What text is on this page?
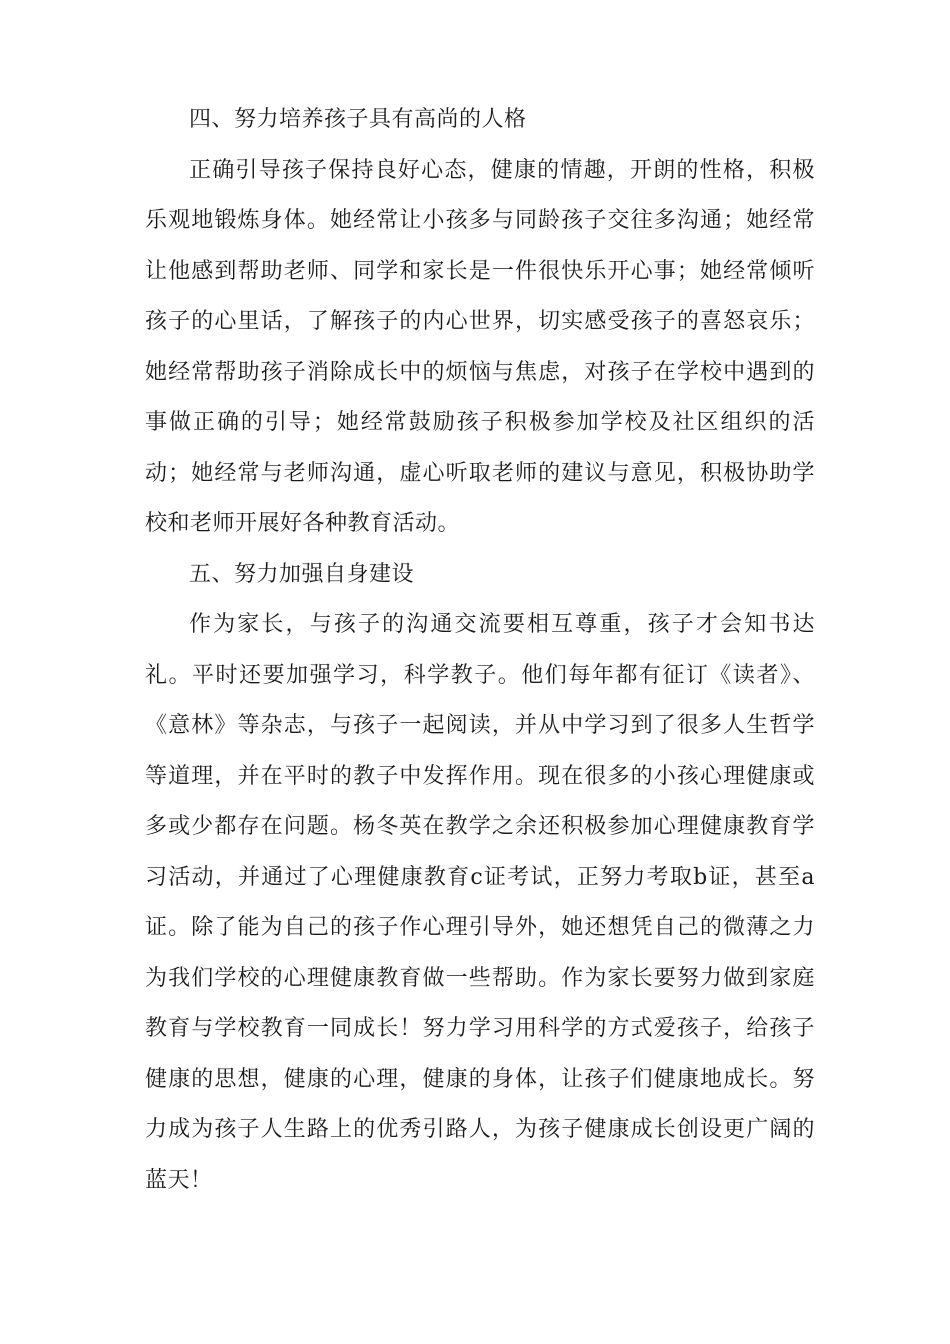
四、努力培养孩子具有高尚的人格

正确引导孩子保持良好心态，健康的情趣，开朗的性格，积极乐观地锻炼身体。她经常让小孩多与同龄孩子交往多沟通；她经常让他感到帮助老师、同学和家长是一件很快乐开心事；她经常倾听孩子的心里话，了解孩子的内心世界，切实感受孩子的喜怒哀乐；她经常帮助孩子消除成长中的烦恼与焦虑，对孩子在学校中遇到的事做正确的引导；她经常鼓励孩子积极参加学校及社区组织的活动；她经常与老师沟通，虚心听取老师的建议与意见，积极协助学校和老师开展好各种教育活动。

五、努力加强自身建设

作为家长，与孩子的沟通交流要相互尊重，孩子才会知书达礼。平时还要加强学习，科学教子。他们每年都有征订《读者》、《意林》等杂志，与孩子一起阅读，并从中学习到了很多人生哲学等道理，并在平时的教子中发挥作用。现在很多的小孩心理健康或多或少都存在问题。杨冬英在教学之余还积极参加心理健康教育学习活动，并通过了心理健康教育c证考试，正努力考取b证，甚至a证。除了能为自己的孩子作心理引导外，她还想凭自己的微薄之力为我们学校的心理健康教育做一些帮助。作为家长要努力做到家庭教育与学校教育一同成长！努力学习用科学的方式爱孩子，给孩子健康的思想，健康的心理，健康的身体，让孩子们健康地成长。努力成为孩子人生路上的优秀引路人，为孩子健康成长创设更广阔的蓝天！
